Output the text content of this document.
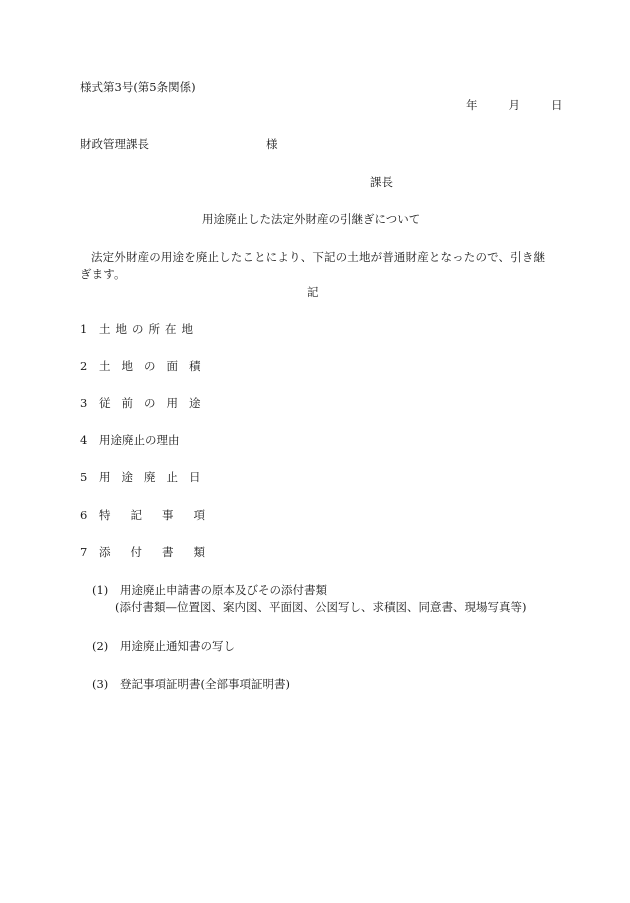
様式第3号(第5条関係)
年	月	日
財政管理課長	様
課長
用途廃止した法定外財産の引継ぎについて
法定外財産の用途を廃止したことにより、下記の土地が普通財産となったので、引き継ぎます。
記
1 土地の所在地
2 土地の面積
3 従前の用途
4 用途廃止の理由
5 用途廃止日
6 特記事項
7 添付書類
(1) 用途廃止申請書の原本及びその添付書類
(添付書類—位置図、案内図、平面図、公図写し、求積図、同意書、現場写真等)
(2) 用途廃止通知書の写し
(3) 登記事項証明書(全部事項証明書)
